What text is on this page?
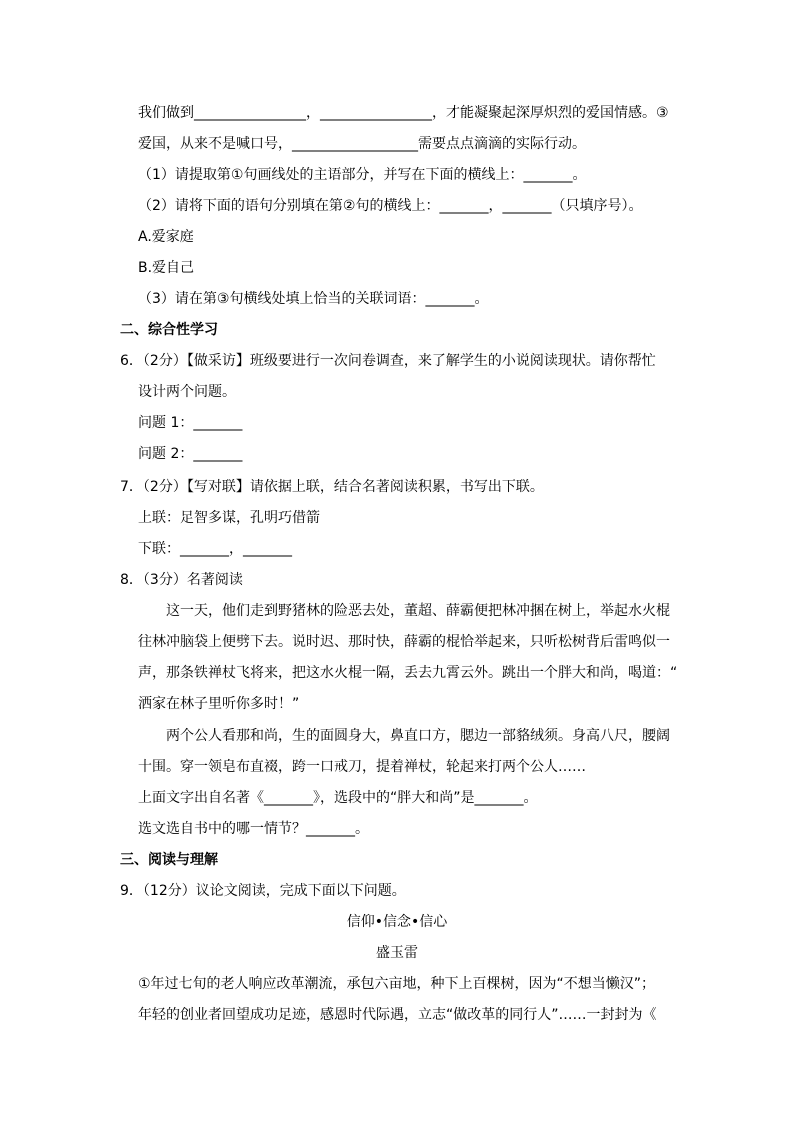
我们做到________________，________________，才能凝聚起深厚炽烈的爱国情感。③
爱国，从来不是喊口号，__________________需要点点滴滴的实际行动。
（1）请提取第①句画线处的主语部分，并写在下面的横线上：_______。
（2）请将下面的语句分别填在第②句的横线上：_______，_______（只填序号）。
A.爱家庭
B.爱自己
（3）请在第③句横线处填上恰当的关联词语：_______。
二、综合性学习
6．（2分）【做采访】班级要进行一次问卷调查，来了解学生的小说阅读现状。请你帮忙
设计两个问题。
问题 1：_______
问题 2：_______
7．（2分）【写对联】请依据上联，结合名著阅读积累，书写出下联。
上联：足智多谋，孔明巧借箭
下联：_______，_______
8．（3分）名著阅读
这一天，他们走到野猪林的险恶去处，董超、薛霸便把林冲捆在树上，举起水火棍
往林冲脑袋上便劈下去。说时迟、那时快，薛霸的棍恰举起来，只听松树背后雷鸣似一
声，那条铁禅杖飞将来，把这水火棍一隔，丢去九霄云外。跳出一个胖大和尚，喝道：“
洒家在林子里听你多时！”
两个公人看那和尚，生的面圆身大，鼻直口方，腮边一部貉绒须。身高八尺，腰阔
十围。穿一领皂布直裰，跨一口戒刀，提着禅杖，轮起来打两个公人……
上面文字出自名著《_______》，选段中的“胖大和尚”是_______。
选文选自书中的哪一情节？_______。
三、阅读与理解
9．（12分）议论文阅读，完成下面以下问题。
信仰•信念•信心
盛玉雷
①年过七旬的老人响应改革潮流，承包六亩地，种下上百棵树，因为“不想当懒汉”；
年轻的创业者回望成功足迹，感恩时代际遇，立志“做改革的同行人”……一封封为《
